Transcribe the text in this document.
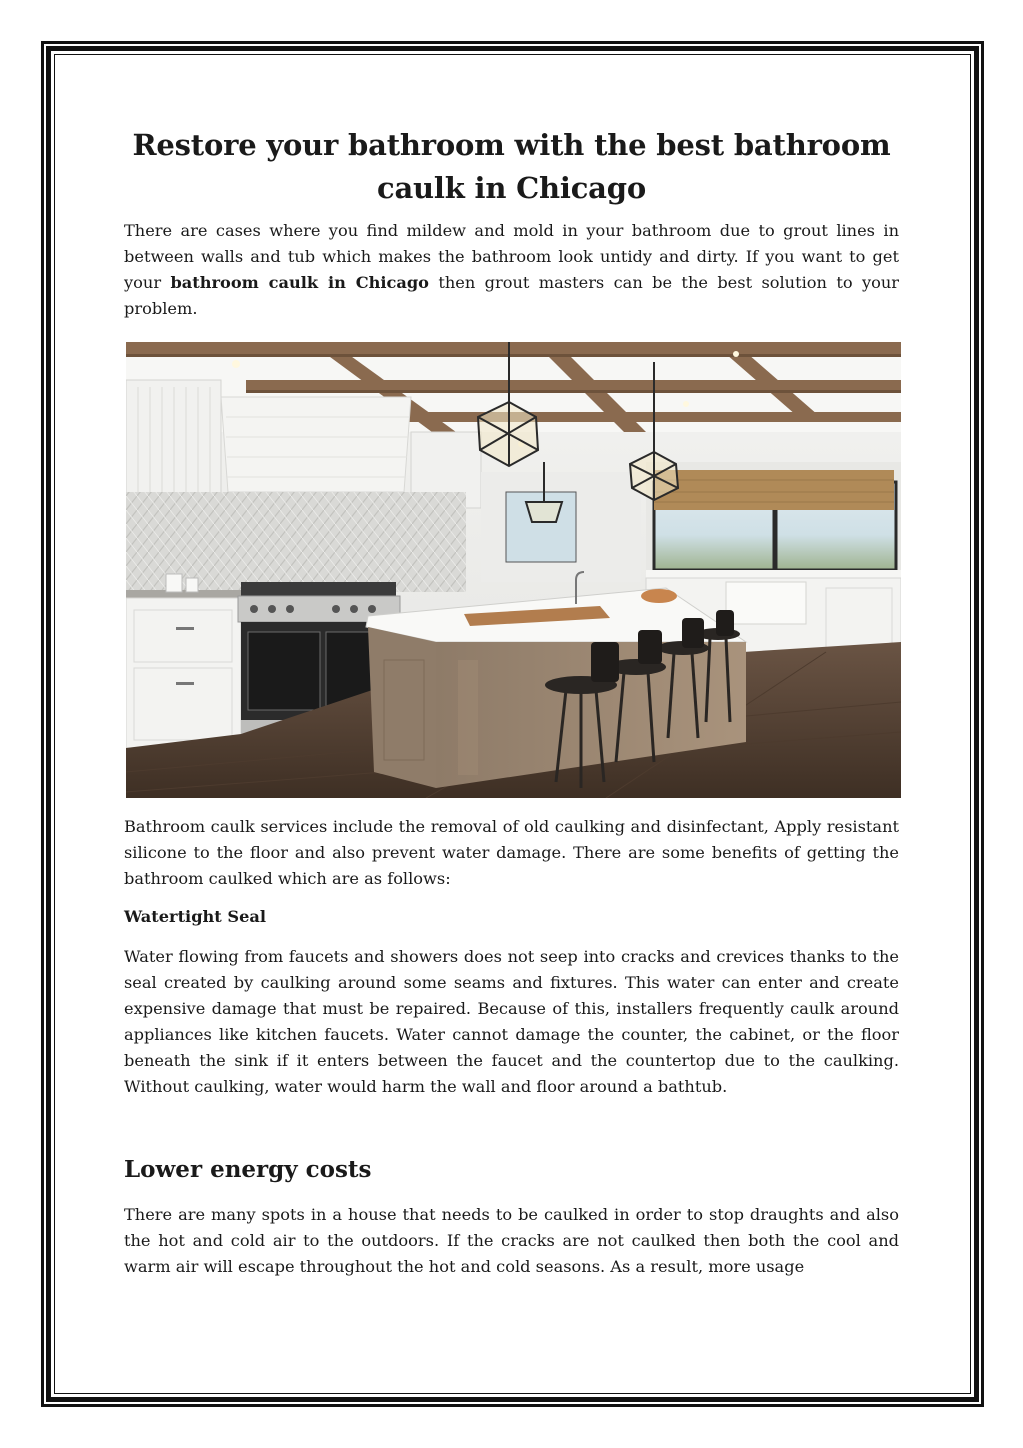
Restore your bathroom with the best bathroom caulk in Chicago

There are cases where you find mildew and mold in your bathroom due to grout lines in between walls and tub which makes the bathroom look untidy and dirty. If you want to get your bathroom caulk in Chicago then grout masters can be the best solution to your problem.

Bathroom caulk services include the removal of old caulking and disinfectant, Apply resistant silicone to the floor and also prevent water damage. There are some benefits of getting the bathroom caulked which are as follows:

Watertight Seal

Water flowing from faucets and showers does not seep into cracks and crevices thanks to the seal created by caulking around some seams and fixtures. This water can enter and create expensive damage that must be repaired. Because of this, installers frequently caulk around appliances like kitchen faucets. Water cannot damage the counter, the cabinet, or the floor beneath the sink if it enters between the faucet and the countertop due to the caulking. Without caulking, water would harm the wall and floor around a bathtub.

Lower energy costs

There are many spots in a house that needs to be caulked in order to stop draughts and also the hot and cold air to the outdoors. If the cracks are not caulked then both the cool and warm air will escape throughout the hot and cold seasons. As a result, more usage
